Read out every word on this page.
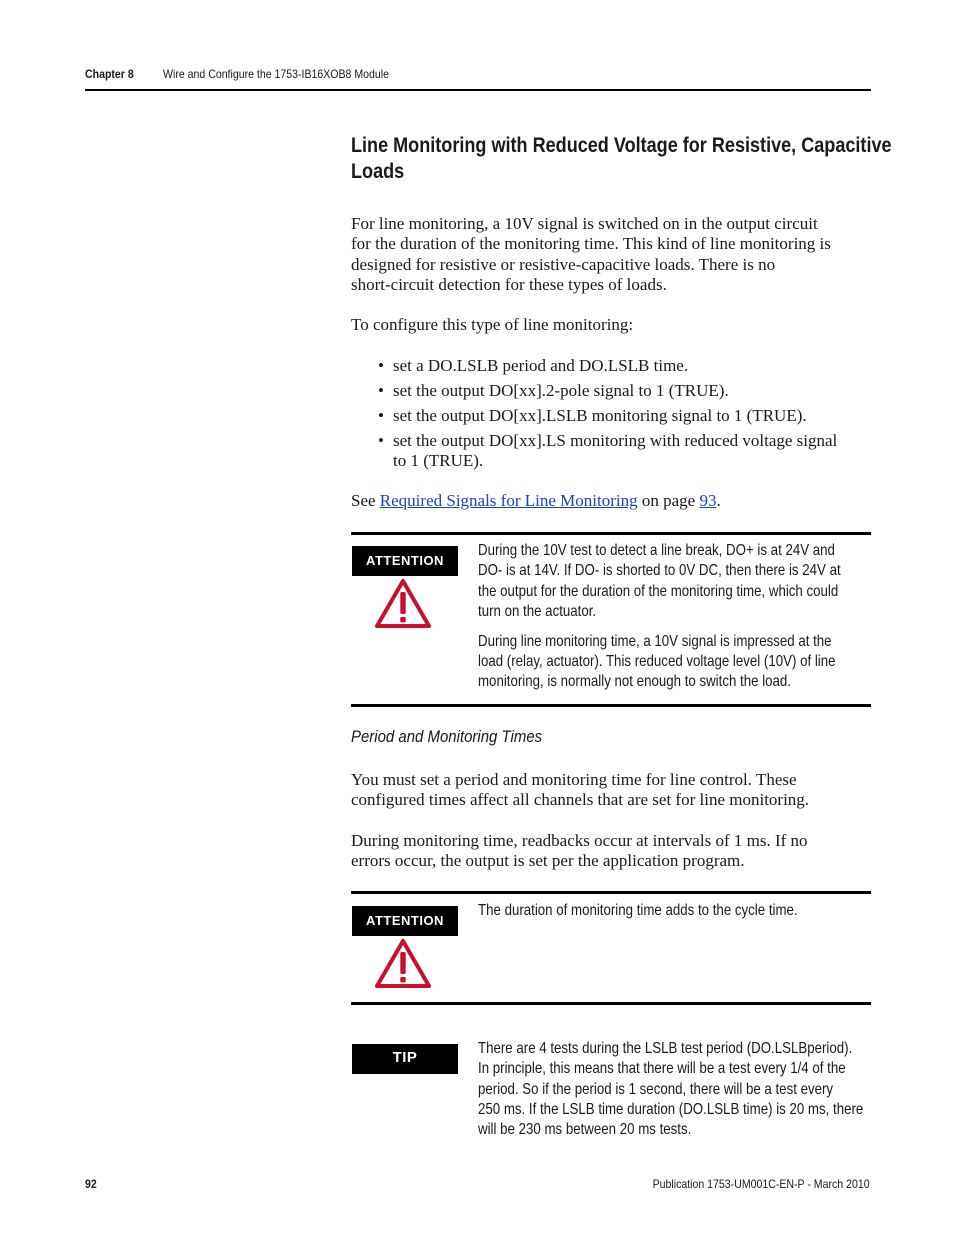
Chapter 8	Wire and Configure the 1753-IB16XOB8 Module
Line Monitoring with Reduced Voltage for Resistive, Capacitive
Loads
For line monitoring, a 10V signal is switched on in the output circuit
for the duration of the monitoring time. This kind of line monitoring is
designed for resistive or resistive-capacitive loads. There is no
short-circuit detection for these types of loads.
To configure this type of line monitoring:
• set a DO.LSLB period and DO.LSLB time.
• set the output DO[xx].2-pole signal to 1 (TRUE).
• set the output DO[xx].LSLB monitoring signal to 1 (TRUE).
• set the output DO[xx].LS monitoring with reduced voltage signal
to 1 (TRUE).
See Required Signals for Line Monitoring on page 93.
ATTENTION
During the 10V test to detect a line break, DO+ is at 24V and
DO- is at 14V. If DO- is shorted to 0V DC, then there is 24V at
the output for the duration of the monitoring time, which could
turn on the actuator.
During line monitoring time, a 10V signal is impressed at the
load (relay, actuator). This reduced voltage level (10V) of line
monitoring, is normally not enough to switch the load.
Period and Monitoring Times
You must set a period and monitoring time for line control. These
configured times affect all channels that are set for line monitoring.
During monitoring time, readbacks occur at intervals of 1 ms. If no
errors occur, the output is set per the application program.
ATTENTION
The duration of monitoring time adds to the cycle time.
TIP
There are 4 tests during the LSLB test period (DO.LSLBperiod).
In principle, this means that there will be a test every 1/4 of the
period. So if the period is 1 second, there will be a test every
250 ms. If the LSLB time duration (DO.LSLB time) is 20 ms, there
will be 230 ms between 20 ms tests.
92	Publication 1753-UM001C-EN-P - March 2010
